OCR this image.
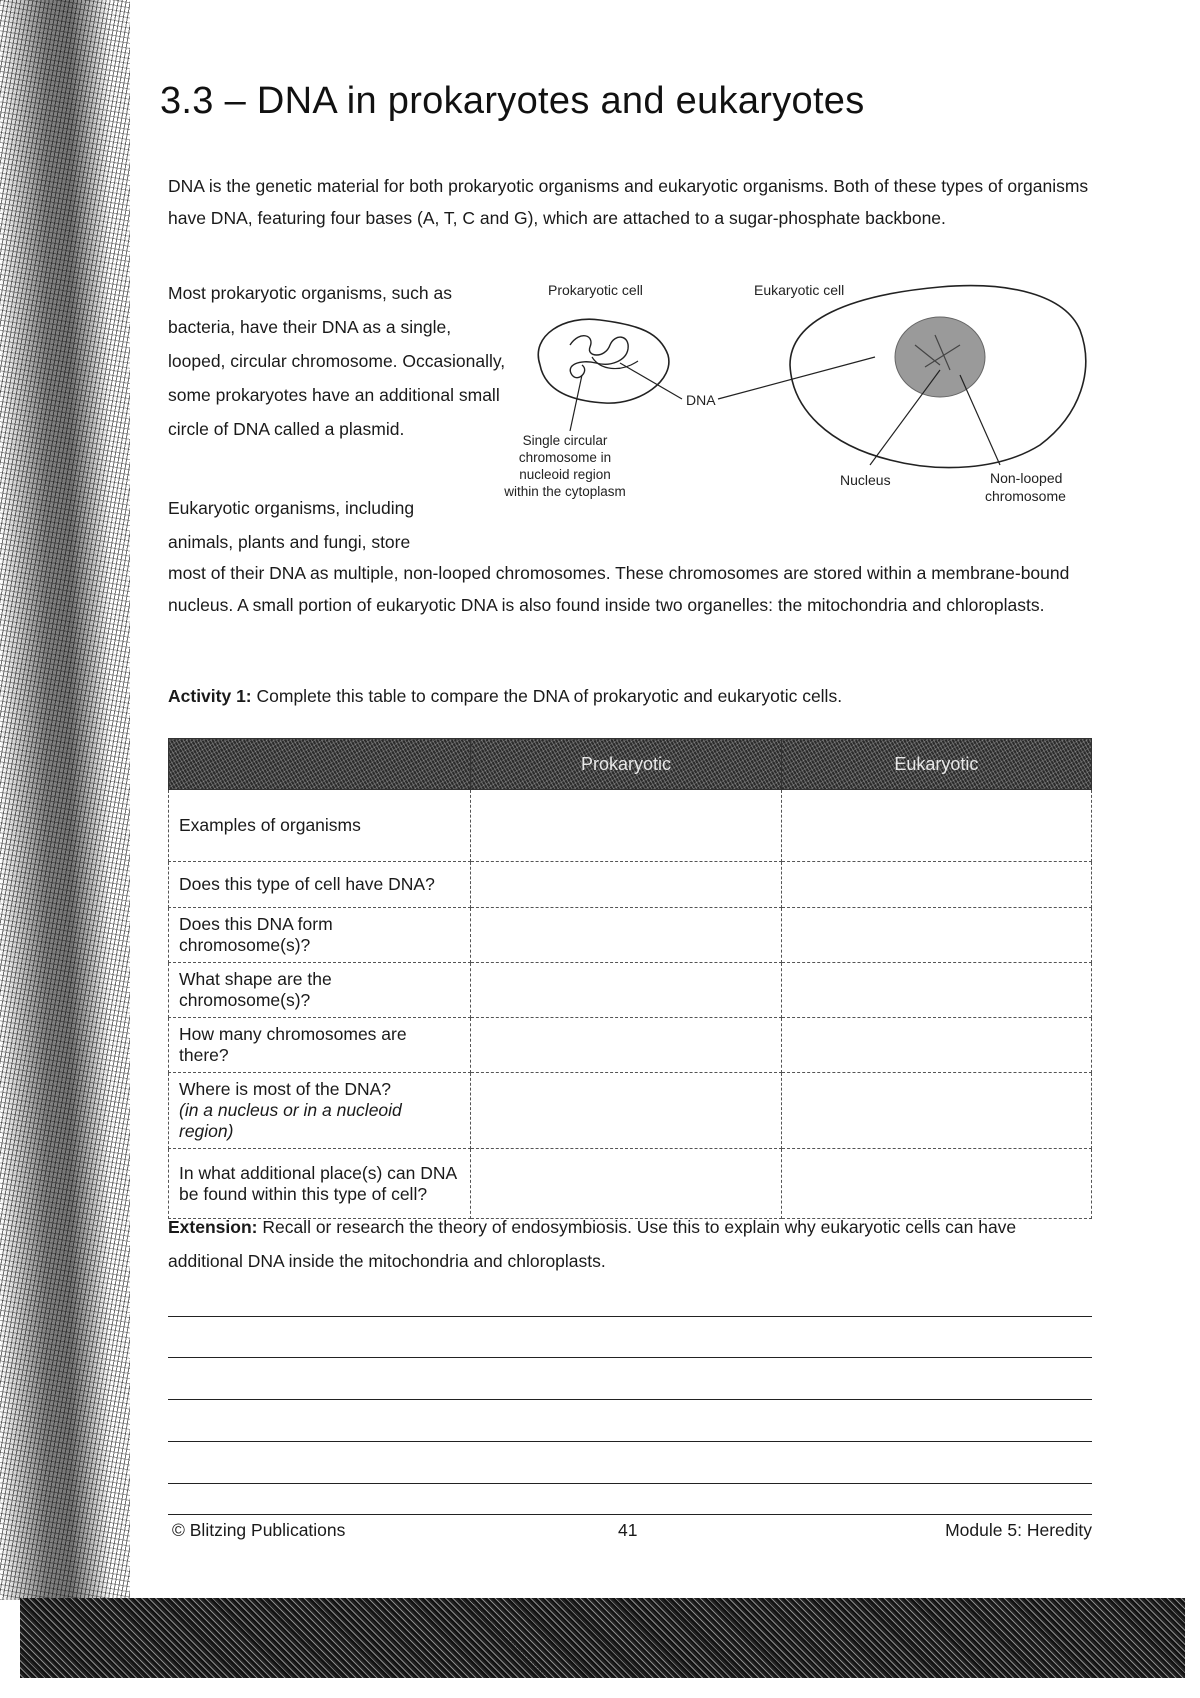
3.3 – DNA in prokaryotes and eukaryotes

DNA is the genetic material for both prokaryotic organisms and eukaryotic organisms. Both of these types of organisms have DNA, featuring four bases (A, T, C and G), which are attached to a sugar-phosphate backbone.

Most prokaryotic organisms, such as bacteria, have their DNA as a single, looped, circular chromosome. Occasionally, some prokaryotes have an additional small circle of DNA called a plasmid.

Prokaryotic cell	Eukaryotic cell
DNA
Single circular
chromosome in
nucleoid region
within the cytoplasm
Nucleus	Non-looped
chromosome

Eukaryotic organisms, including animals, plants and fungi, store

most of their DNA as multiple, non-looped chromosomes. These chromosomes are stored within a membrane-bound nucleus. A small portion of eukaryotic DNA is also found inside two organelles: the mitochondria and chloroplasts.

Activity 1: Complete this table to compare the DNA of prokaryotic and eukaryotic cells.

	Prokaryotic	Eukaryotic
Examples of organisms		
Does this type of cell have DNA?		
Does this DNA form chromosome(s)?		
What shape are the chromosome(s)?		
How many chromosomes are there?		
Where is most of the DNA?
(in a nucleus or in a nucleoid region)		

In what additional place(s) can DNA be found within this type of cell?		

Extension: Recall or research the theory of endosymbiosis. Use this to explain why eukaryotic cells can have additional DNA inside the mitochondria and chloroplasts.

© Blitzing Publications	41	Module 5: Heredity
